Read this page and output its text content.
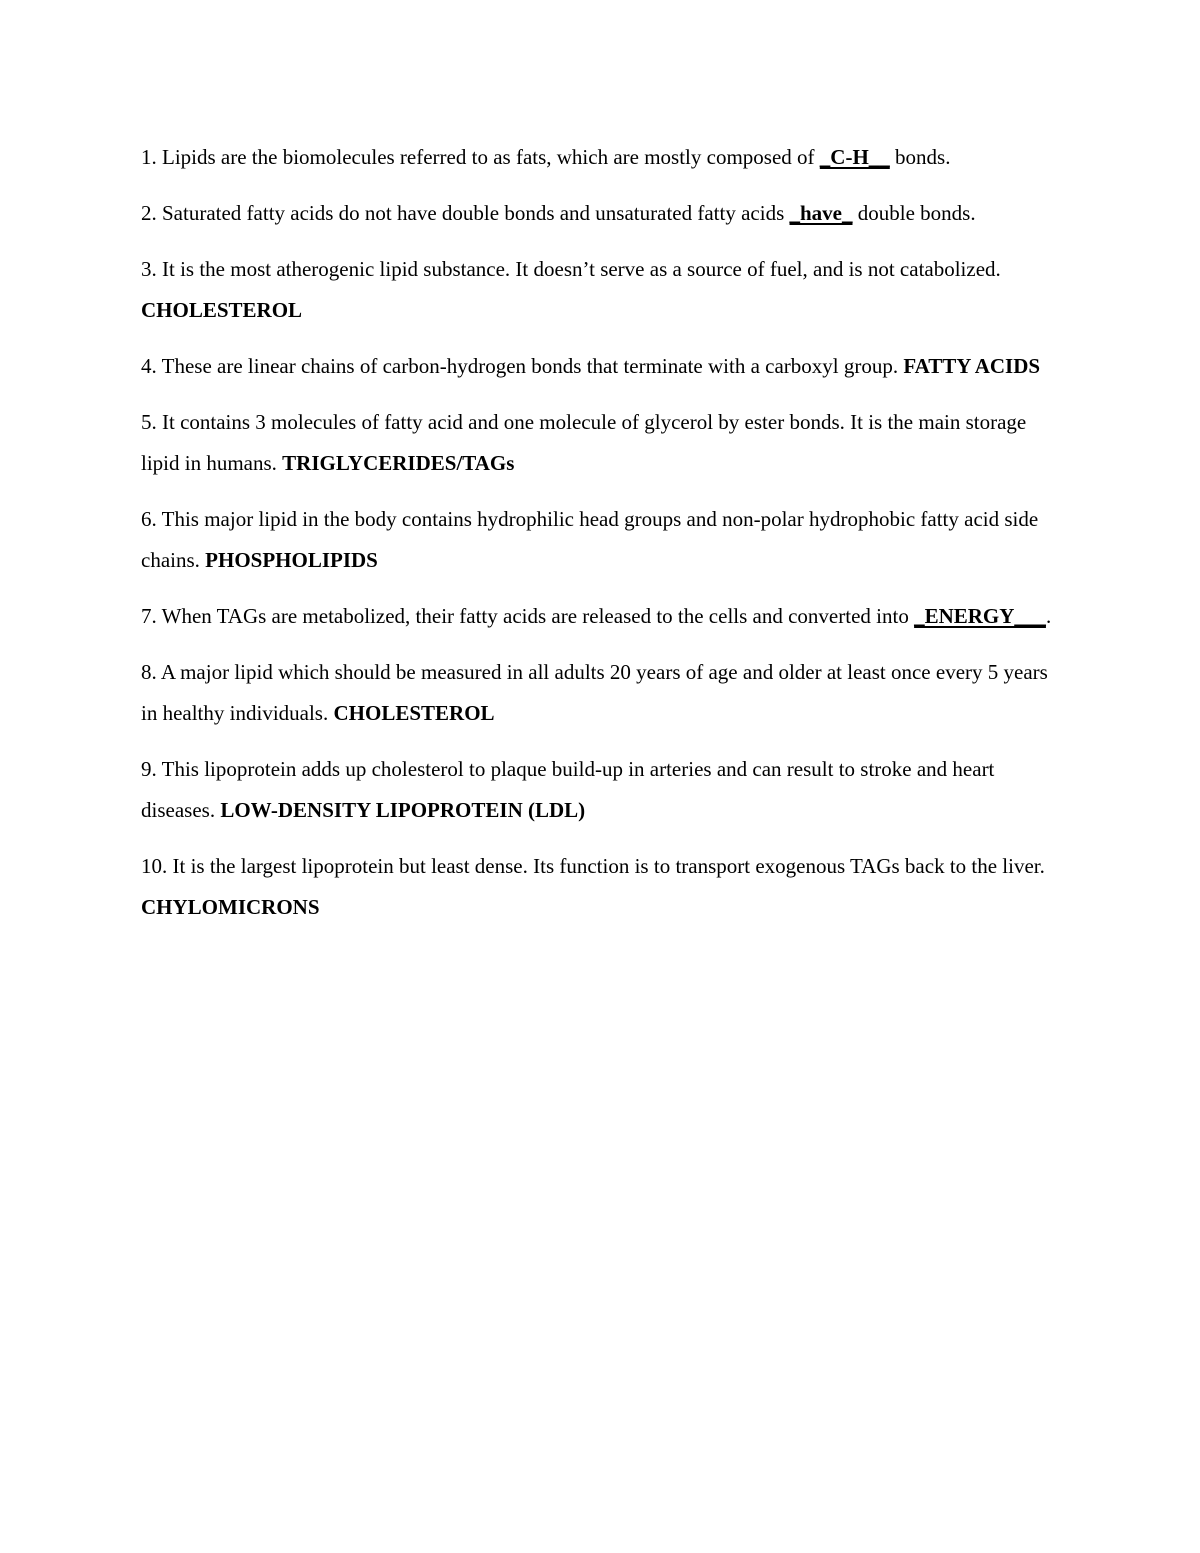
1. Lipids are the biomolecules referred to as fats, which are mostly composed of _C-H__ bonds.

2. Saturated fatty acids do not have double bonds and unsaturated fatty acids _have_ double bonds.

3. It is the most atherogenic lipid substance. It doesn’t serve as a source of fuel, and is not catabolized. CHOLESTEROL

4. These are linear chains of carbon-hydrogen bonds that terminate with a carboxyl group. FATTY ACIDS

5. It contains 3 molecules of fatty acid and one molecule of glycerol by ester bonds. It is the main storage lipid in humans. TRIGLYCERIDES/TAGs

6. This major lipid in the body contains hydrophilic head groups and non-polar hydrophobic fatty acid side chains. PHOSPHOLIPIDS

7. When TAGs are metabolized, their fatty acids are released to the cells and converted into _ENERGY___.

8. A major lipid which should be measured in all adults 20 years of age and older at least once every 5 years in healthy individuals. CHOLESTEROL

9. This lipoprotein adds up cholesterol to plaque build-up in arteries and can result to stroke and heart diseases. LOW-DENSITY LIPOPROTEIN (LDL)

10. It is the largest lipoprotein but least dense. Its function is to transport exogenous TAGs back to the liver. CHYLOMICRONS
